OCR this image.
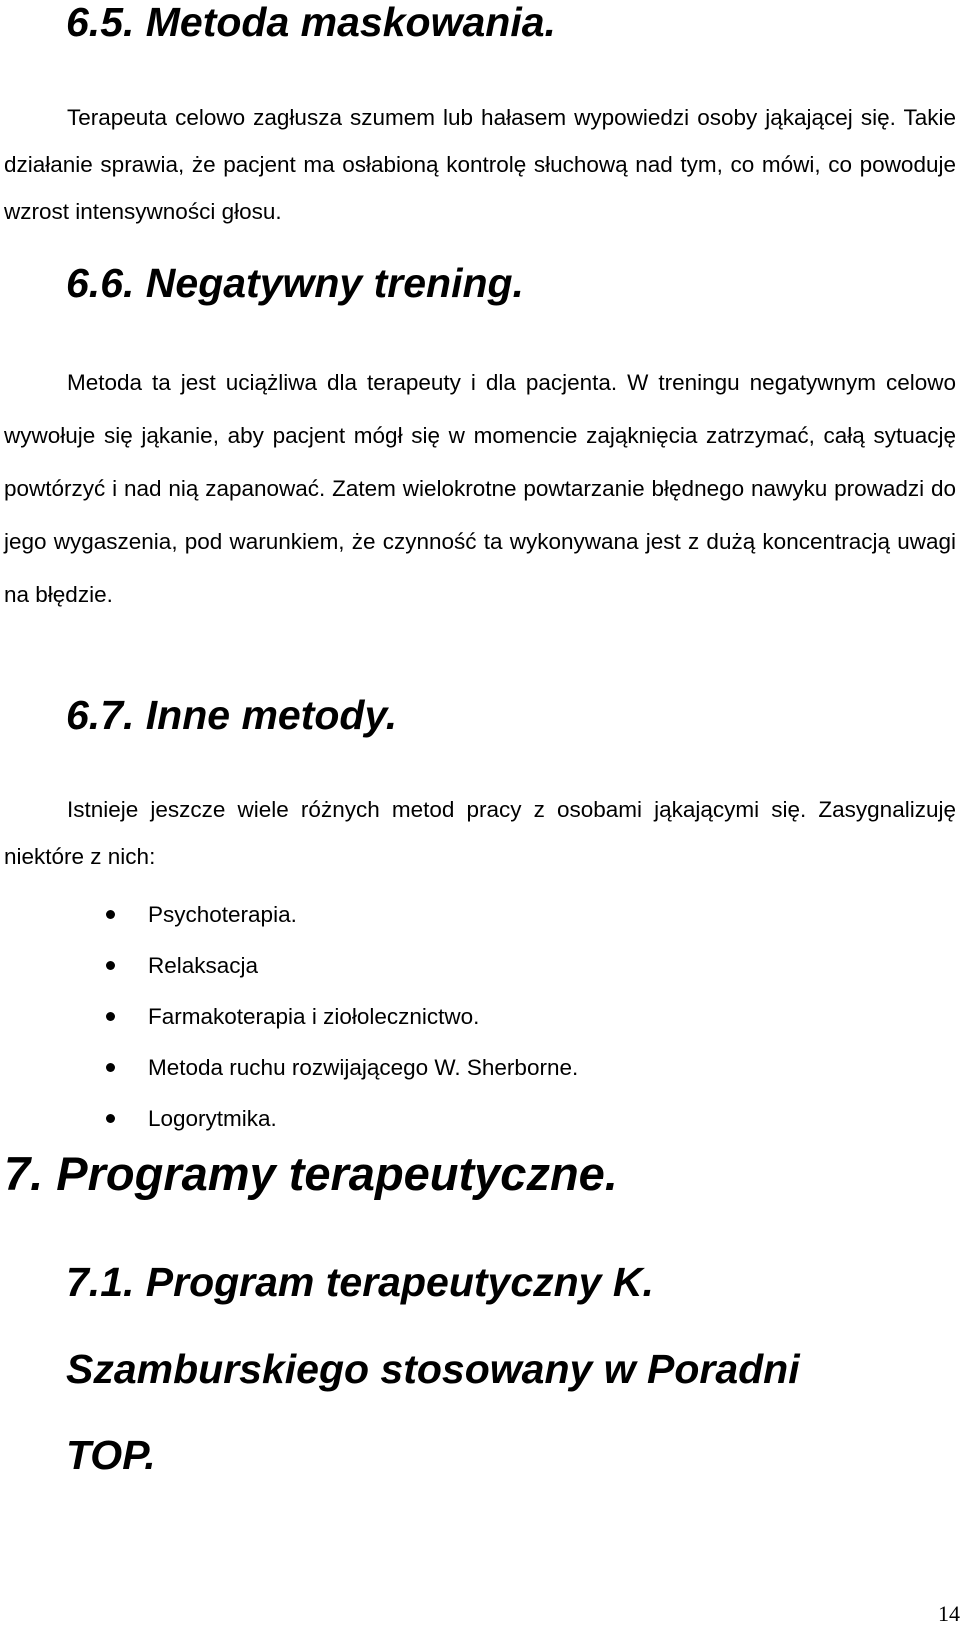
6.5. Metoda maskowania.

Terapeuta celowo zagłusza szumem lub hałasem wypowiedzi osoby jąkającej się. Takie działanie sprawia, że pacjent ma osłabioną kontrolę słuchową nad tym, co mówi, co powoduje wzrost intensywności głosu.

6.6. Negatywny trening.

Metoda ta jest uciążliwa dla terapeuty i dla pacjenta. W treningu negatywnym celowo wywołuje się jąkanie, aby pacjent mógł się w momencie zająknięcia zatrzymać, całą sytuację powtórzyć i nad nią zapanować. Zatem wielokrotne powtarzanie błędnego nawyku prowadzi do jego wygaszenia, pod warunkiem, że czynność ta wykonywana jest z dużą koncentracją uwagi na błędzie.

6.7. Inne metody.

Istnieje jeszcze wiele różnych metod pracy z osobami jąkającymi się. Zasygnalizuję niektóre z nich:

Psychoterapia.
Relaksacja
Farmakoterapia i ziołolecznictwo.
Metoda ruchu rozwijającego W. Sherborne.
Logorytmika.
7. Programy terapeutyczne.
7.1. Program terapeutyczny K.
Szamburskiego stosowany w Poradni
TOP.
14
